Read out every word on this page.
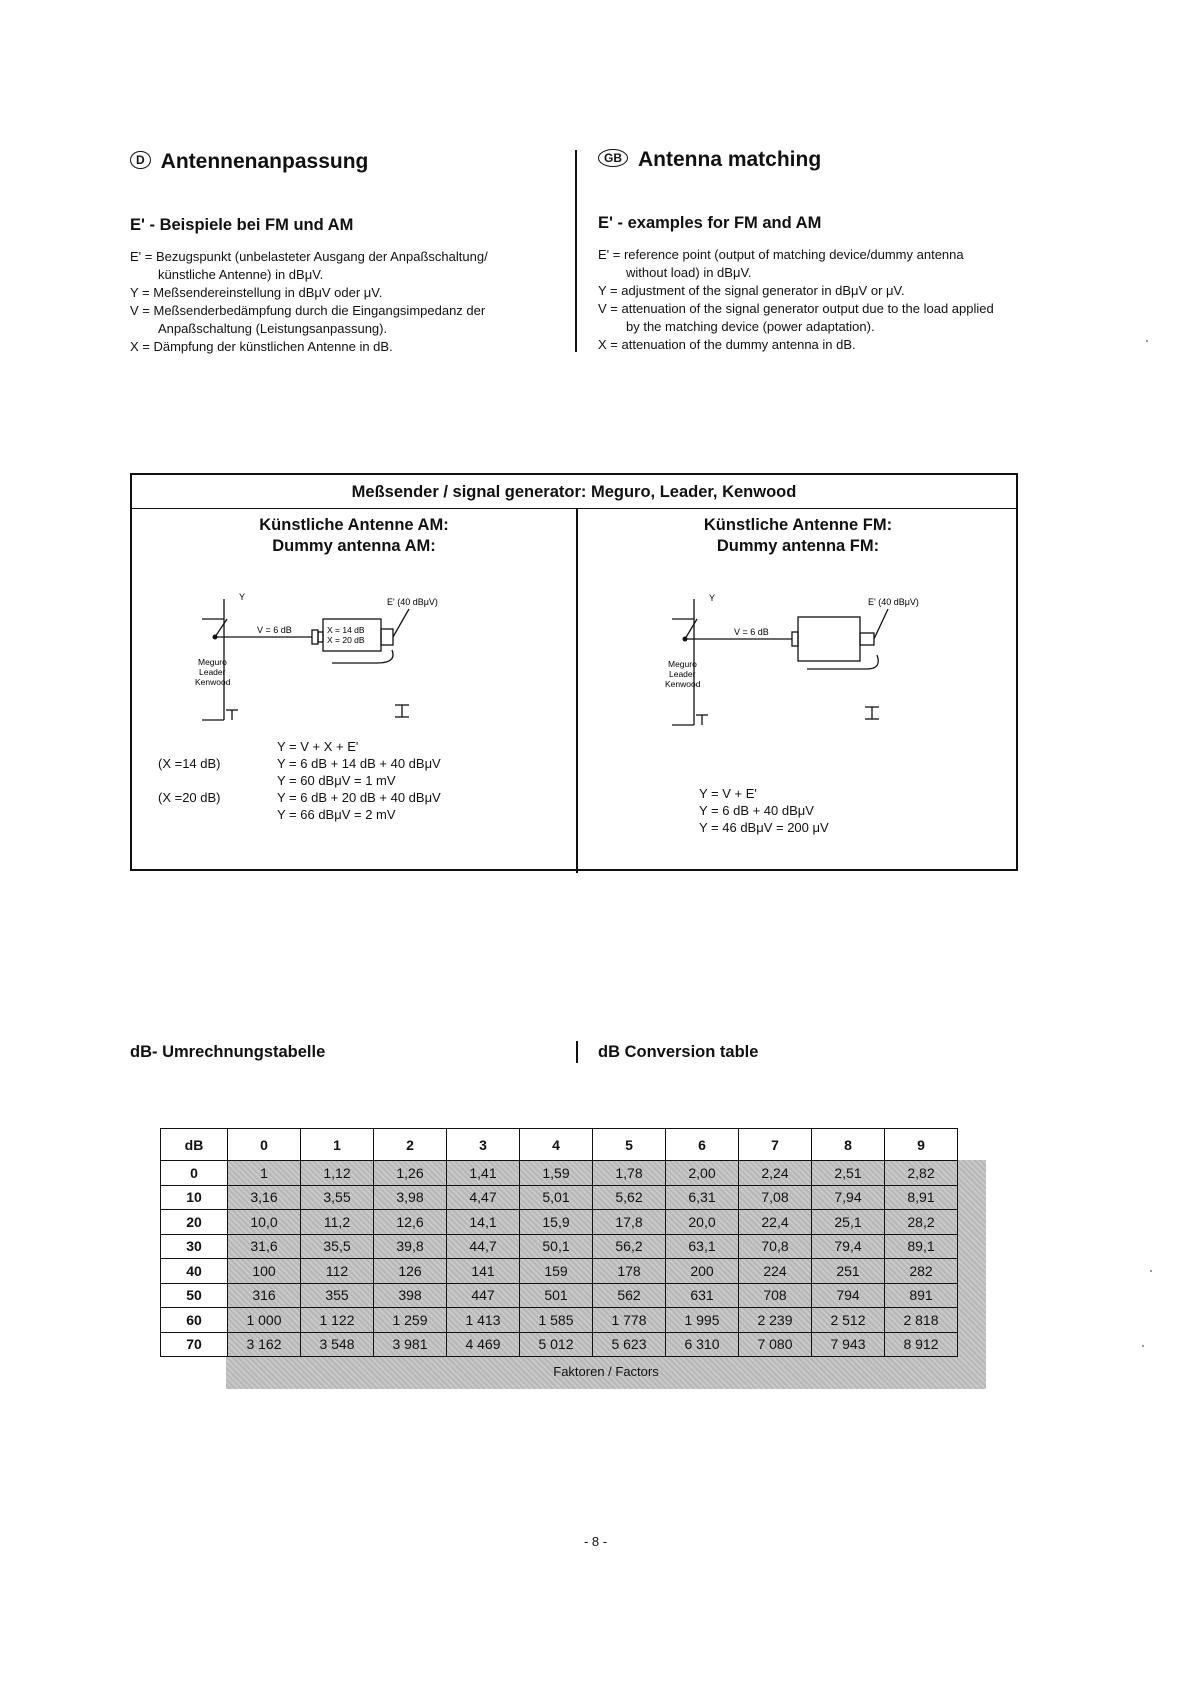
D Antennenanpassung
E' - Beispiele bei FM und AM

E' = Bezugspunkt (unbelasteter Ausgang der Anpaßschaltung/

künstliche Antenne) in dBμV.

Y = Meßsendereinstellung in dBμV oder μV.

V = Meßsenderbedämpfung durch die Eingangsimpedanz der

Anpaßschaltung (Leistungsanpassung).

X = Dämpfung der künstlichen Antenne in dB.

GB Antenna matching
E' - examples for FM and AM

E' = reference point (output of matching device/dummy antenna

without load) in dBμV.

Y = adjustment of the signal generator in dBμV or μV.

V = attenuation of the signal generator output due to the load applied

by the matching device (power adaptation).

X = attenuation of the dummy antenna in dB.

Meßsender / signal generator: Meguro, Leader, Kenwood
Künstliche Antenne AM:
Dummy antenna AM:
Y	E' (40 dBμV)
V = 6 dB	X = 14 dB
X = 20 dB
Meguro
Leader
Kenwood
(X =14 dB)
(X =20 dB)
Y = V + X + E'
Y = 6 dB + 14 dB + 40 dBμV
Y = 60 dBμV = 1 mV
Y = 6 dB + 20 dB + 40 dBμV
Y = 66 dBμV = 2 mV
Künstliche Antenne FM:
Dummy antenna FM:
Y	E' (40 dBμV)
V = 6 dB
Meguro
Leader
Kenwood
Y = V + E'
Y = 6 dB + 40 dBμV
Y = 46 dBμV = 200 μV
dB- Umrechnungstabelle	dB Conversion table
dB	0	1	2	3	4	5	6	7	8	9
0	1	1,12	1,26	1,41	1,59	1,78	2,00	2,24	2,51	2,82
10	3,16	3,55	3,98	4,47	5,01	5,62	6,31	7,08	7,94	8,91
20	10,0	11,2	12,6	14,1	15,9	17,8	20,0	22,4	25,1	28,2
30	31,6	35,5	39,8	44,7	50,1	56,2	63,1	70,8	79,4	89,1
40	100	112	126	141	159	178	200	224	251	282
50	316	355	398	447	501	562	631	708	794	891
60	1 000	1 122	1 259	1 413	1 585	1 778	1 995	2 239	2 512	2 818
70	3 162	3 548	3 981	4 469	5 012	5 623	6 310	7 080	7 943	8 912
Faktoren / Factors
- 8 -
